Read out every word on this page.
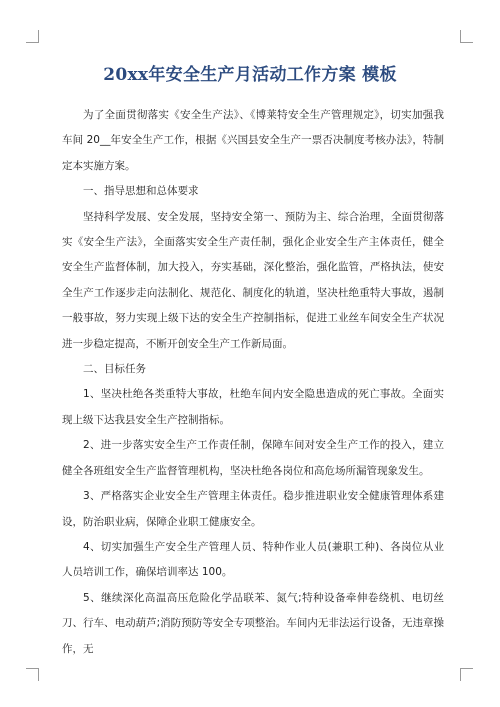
20xx年安全生产月活动工作方案 模板

为了全面贯彻落实《安全生产法》、《博莱特安全生产管理规定》，切实加强我车间 20__年安全生产工作，根据《兴国县安全生产一票否决制度考核办法》，特制定本实施方案。

一、指导思想和总体要求

坚持科学发展、安全发展，坚持安全第一、预防为主、综合治理，全面贯彻落实《安全生产法》，全面落实安全生产责任制，强化企业安全生产主体责任，健全安全生产监督体制，加大投入，夯实基础，深化整治，强化监管，严格执法，使安全生产工作逐步走向法制化、规范化、制度化的轨道，坚决杜绝重特大事故，遏制一般事故，努力实现上级下达的安全生产控制指标，促进工业丝车间安全生产状况进一步稳定提高，不断开创安全生产工作新局面。

二、目标任务

1、坚决杜绝各类重特大事故，杜绝车间内安全隐患造成的死亡事故。全面实现上级下达我县安全生产控制指标。

2、进一步落实安全生产工作责任制，保障车间对安全生产工作的投入，建立健全各班组安全生产监督管理机构，坚决杜绝各岗位和高危场所漏管现象发生。

3、严格落实企业安全生产管理主体责任。稳步推进职业安全健康管理体系建设，防治职业病，保障企业职工健康安全。

4、切实加强生产安全生产管理人员、特种作业人员(兼职工种)、各岗位从业人员培训工作，确保培训率达 100。

5、继续深化高温高压危险化学品联苯、氮气;特种设备牵伸卷绕机、电切丝刀、行车、电动葫芦;消防预防等安全专项整治。车间内无非法运行设备，无违章操作，无
